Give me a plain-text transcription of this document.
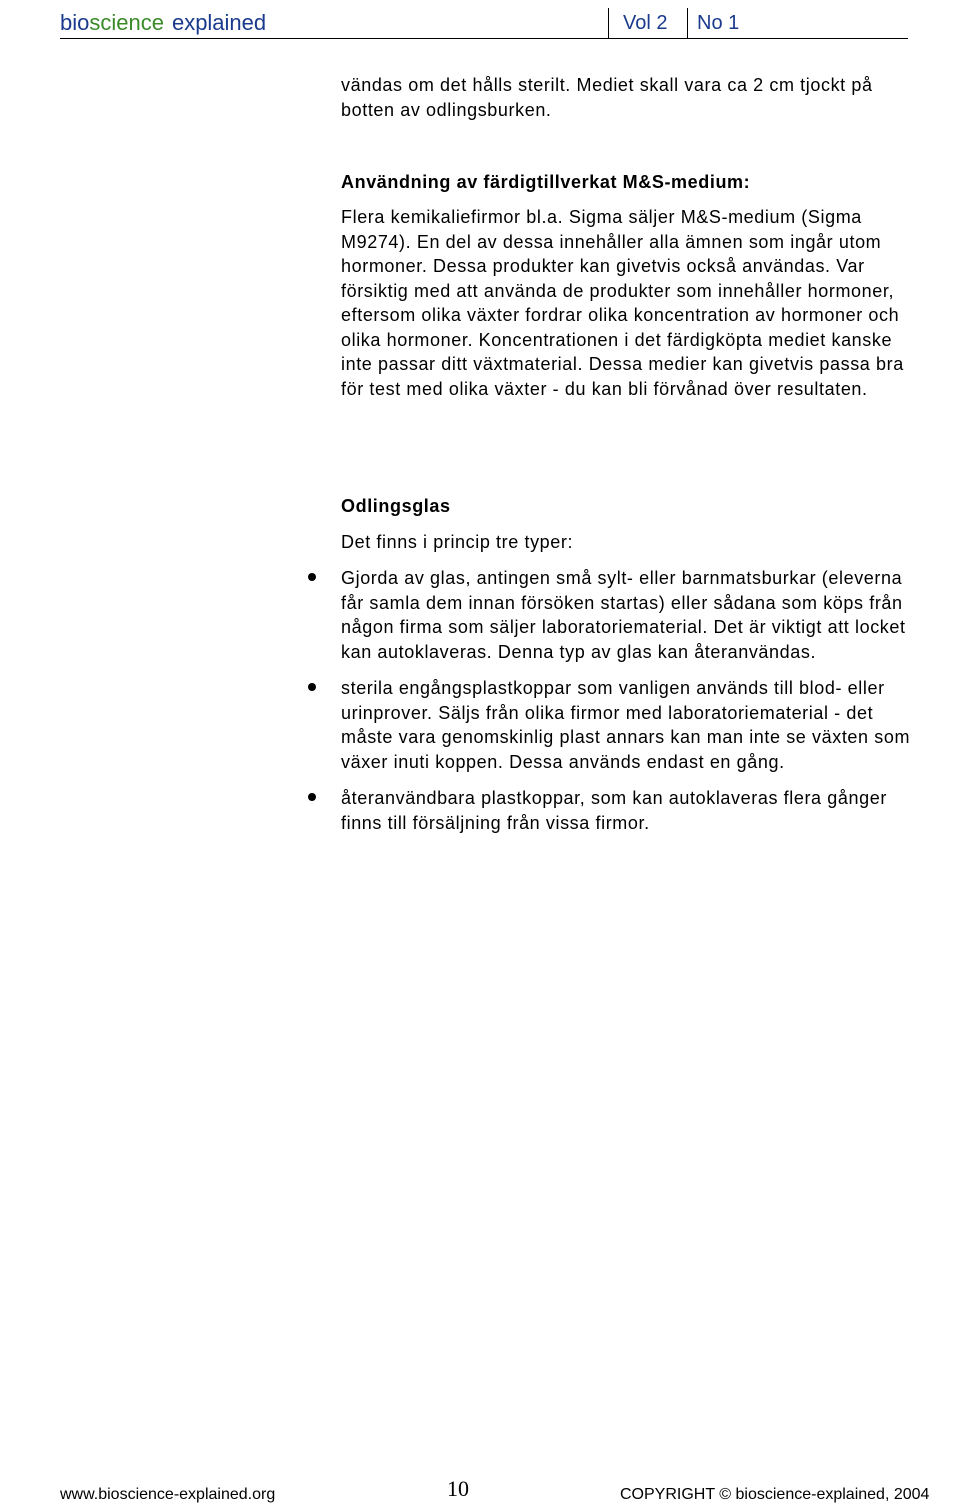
bioscience explained	Vol 2 No 1
vändas om det hålls sterilt. Mediet skall vara ca 2 cm tjockt på botten av odlingsburken.
Användning av färdigtillverkat M&S-medium:
Flera kemikaliefirmor bl.a. Sigma säljer M&S-medium (Sigma M9274). En del av dessa innehåller alla ämnen som ingår utom hormoner. Dessa produkter kan givetvis också användas. Var försiktig med att använda de produkter som innehåller hormoner, eftersom olika växter fordrar olika koncentration av hormoner och olika hormoner. Koncentrationen i det färdigköpta mediet kanske inte passar ditt växtmaterial. Dessa medier kan givetvis passa bra för test med olika växter - du kan bli förvånad över resultaten.
Odlingsglas
Det finns i princip tre typer:
Gjorda av glas, antingen små sylt- eller barnmatsburkar (eleverna får samla dem innan försöken startas) eller sådana som köps från någon firma som säljer laboratoriematerial. Det är viktigt att locket kan autoklaveras. Denna typ av glas kan återanvändas.
sterila engångsplastkoppar som vanligen används till blod- eller urinprover. Säljs från olika firmor med laboratoriematerial - det måste vara genomskinlig plast annars kan man inte se växten som växer inuti koppen. Dessa används endast en gång.
återanvändbara plastkoppar, som kan autoklaveras flera gånger finns till försäljning från vissa firmor.
www.bioscience-explained.org	10	COPYRIGHT © bioscience-explained, 2004
